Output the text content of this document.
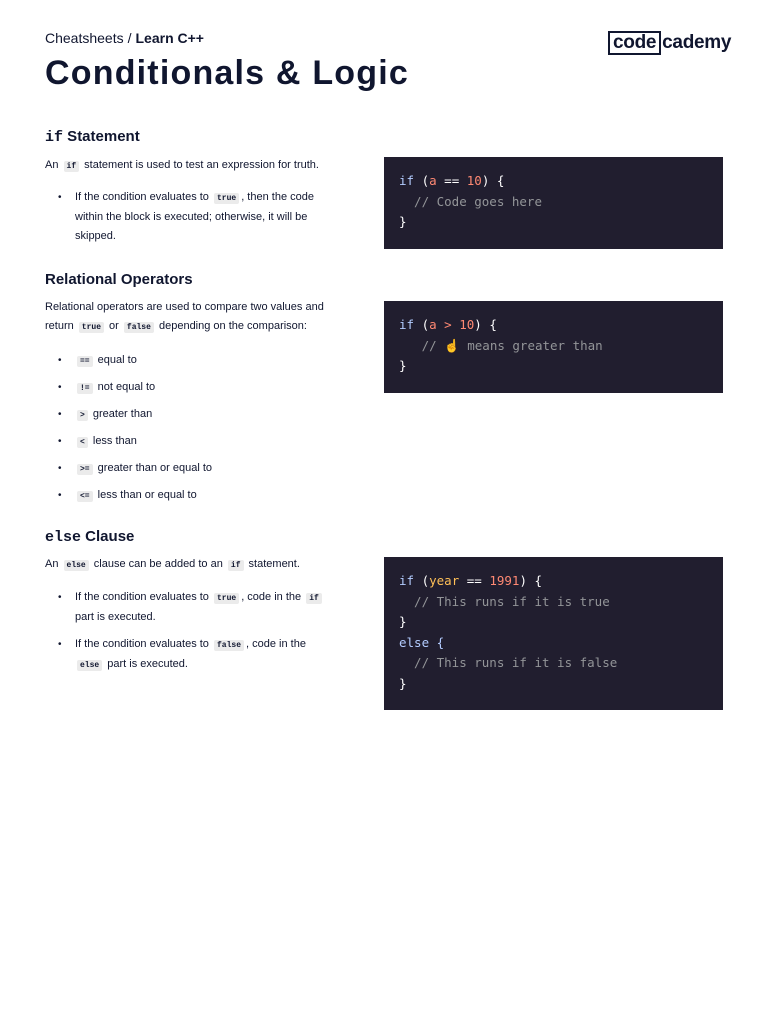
Cheatsheets / Learn C++	code cademy
Conditionals & Logic
if Statement

An if statement is used to test an expression for truth.

• If the condition evaluates to true , then the code within the block is executed; otherwise, it will be skipped.
if (a == 10) {
// Code goes here
}
Relational Operators

Relational operators are used to compare two values and return true or false depending on the comparison:

• == equal to
• != not equal to
• > greater than
• < less than
• >= greater than or equal to
• <= less than or equal to
if (a > 10) {
// ☝️ means greater than
}
else Clause

An else clause can be added to an if statement.

• If the condition evaluates to true , code in the if part is executed.
• If the condition evaluates to false , code in the else part is executed.
if (year == 1991) {
// This runs if it is true
}
else {
// This runs if it is false
}
